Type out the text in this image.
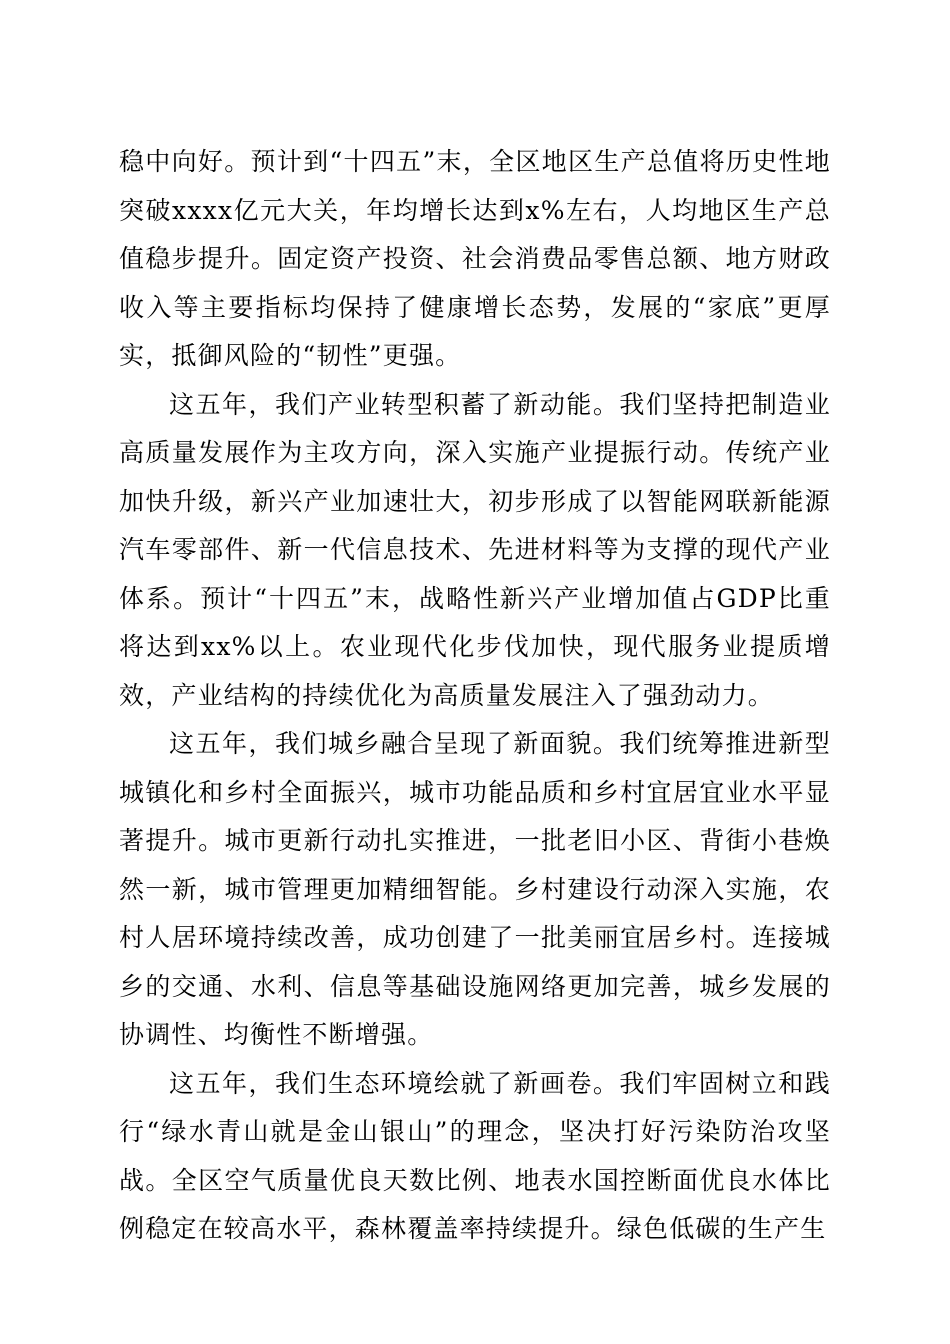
稳中向好。预计到“十四五”末，全区地区生产总值将历史性地突破xxxx亿元大关，年均增长达到x%左右，人均地区生产总值稳步提升。固定资产投资、社会消费品零售总额、地方财政收入等主要指标均保持了健康增长态势，发展的“家底”更厚实，抵御风险的“韧性”更强。

这五年，我们产业转型积蓄了新动能。我们坚持把制造业高质量发展作为主攻方向，深入实施产业提振行动。传统产业加快升级，新兴产业加速壮大，初步形成了以智能网联新能源汽车零部件、新一代信息技术、先进材料等为支撑的现代产业体系。预计“十四五”末，战略性新兴产业增加值占GDP比重将达到xx%以上。农业现代化步伐加快，现代服务业提质增效，产业结构的持续优化为高质量发展注入了强劲动力。

这五年，我们城乡融合呈现了新面貌。我们统筹推进新型城镇化和乡村全面振兴，城市功能品质和乡村宜居宜业水平显著提升。城市更新行动扎实推进，一批老旧小区、背街小巷焕然一新，城市管理更加精细智能。乡村建设行动深入实施，农村人居环境持续改善，成功创建了一批美丽宜居乡村。连接城乡的交通、水利、信息等基础设施网络更加完善，城乡发展的协调性、均衡性不断增强。

这五年，我们生态环境绘就了新画卷。我们牢固树立和践行“绿水青山就是金山银山”的理念，坚决打好污染防治攻坚战。全区空气质量优良天数比例、地表水国控断面优良水体比例稳定在较高水平，森林覆盖率持续提升。绿色低碳的生产生
